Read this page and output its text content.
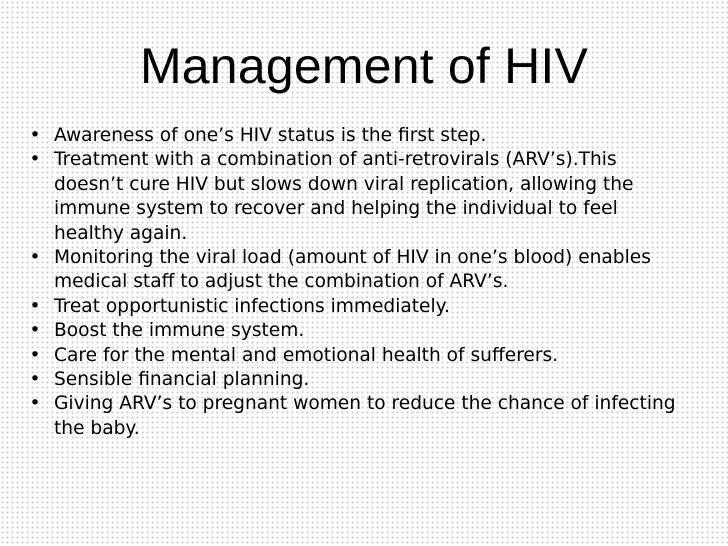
Management of HIV
• Awareness of one’s HIV status is the first step.
• Treatment with a combination of anti-retrovirals (ARV’s).This doesn’t cure HIV but slows down viral replication, allowing the immune system to recover and helping the individual to feel healthy again.
• Monitoring the viral load (amount of HIV in one’s blood) enables medical staff to adjust the combination of ARV’s.
• Treat opportunistic infections immediately.
• Boost the immune system.
• Care for the mental and emotional health of sufferers.
• Sensible financial planning.
• Giving ARV’s to pregnant women to reduce the chance of infecting the baby.
